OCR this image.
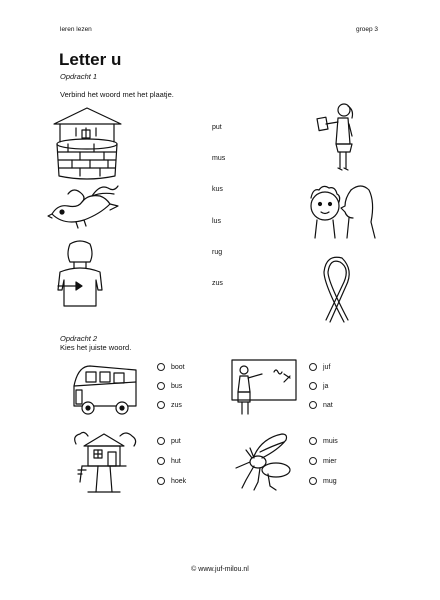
leren lezen	groep 3
Letter u
Opdracht 1
Verbind het woord met het plaatje.
put
mus
kus
lus
rug
zus
Opdracht 2
Kies het juiste woord.
boot
bus
zus
juf
ja
nat
put
hut
hoek
muis
mier
mug
© www.juf-milou.nl
